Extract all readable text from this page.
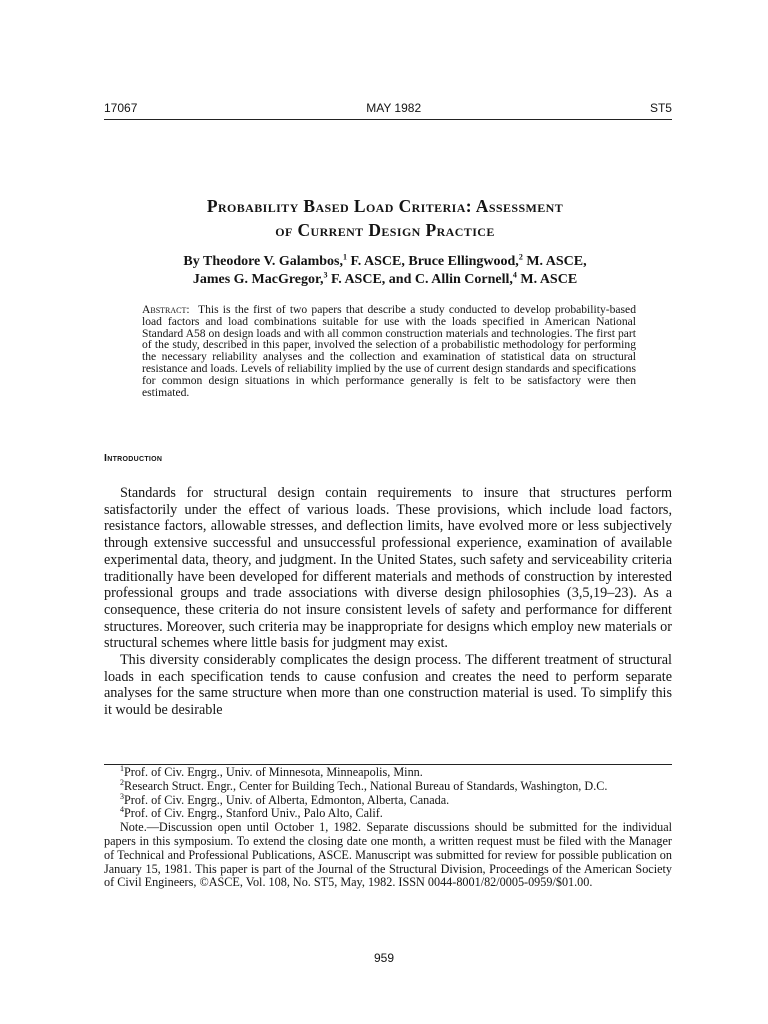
17067	MAY 1982	ST5
Probability Based Load Criteria: Assessment
of Current Design Practice
By Theodore V. Galambos,$^1$ F. ASCE, Bruce Ellingwood,$^2$ M. ASCE,
James G. MacGregor,$^3$ F. ASCE, and C. Allin Cornell,$^4$ M. ASCE
Abstract: This is the first of two papers that describe a study conducted to develop probability-based load factors and load combinations suitable for use with the loads specified in American National Standard A58 on design loads and with all common construction materials and technologies. The first part of the study, described in this paper, involved the selection of a probabilistic methodology for performing the necessary reliability analyses and the collection and examination of statistical data on structural resistance and loads. Levels of reliability implied by the use of current design standards and specifications for common design situations in which performance generally is felt to be satisfactory were then estimated.
Introduction

Standards for structural design contain requirements to insure that structures perform satisfactorily under the effect of various loads. These provisions, which include load factors, resistance factors, allowable stresses, and deflection limits, have evolved more or less subjectively through extensive successful and unsuccessful professional experience, examination of available experimental data, theory, and judgment. In the United States, such safety and serviceability criteria traditionally have been developed for different materials and methods of construction by interested professional groups and trade associations with diverse design philosophies (3,5,19–23). As a consequence, these criteria do not insure consistent levels of safety and performance for different structures. Moreover, such criteria may be inappropriate for designs which employ new materials or structural schemes where little basis for judgment may exist.

This diversity considerably complicates the design process. The different treatment of structural loads in each specification tends to cause confusion and creates the need to perform separate analyses for the same structure when more than one construction material is used. To simplify this it would be desirable

$^1$Prof. of Civ. Engrg., Univ. of Minnesota, Minneapolis, Minn.

$^2$Research Struct. Engr., Center for Building Tech., National Bureau of Standards, Washington, D.C.

$^3$Prof. of Civ. Engrg., Univ. of Alberta, Edmonton, Alberta, Canada.

$^4$Prof. of Civ. Engrg., Stanford Univ., Palo Alto, Calif.

Note.—Discussion open until October 1, 1982. Separate discussions should be submitted for the individual papers in this symposium. To extend the closing date one month, a written request must be filed with the Manager of Technical and Professional Publications, ASCE. Manuscript was submitted for review for possible publication on January 15, 1981. This paper is part of the Journal of the Structural Division, Proceedings of the American Society of Civil Engineers, ©ASCE, Vol. 108, No. ST5, May, 1982. ISSN 0044-8001/82/0005-0959/$01.00.

959
